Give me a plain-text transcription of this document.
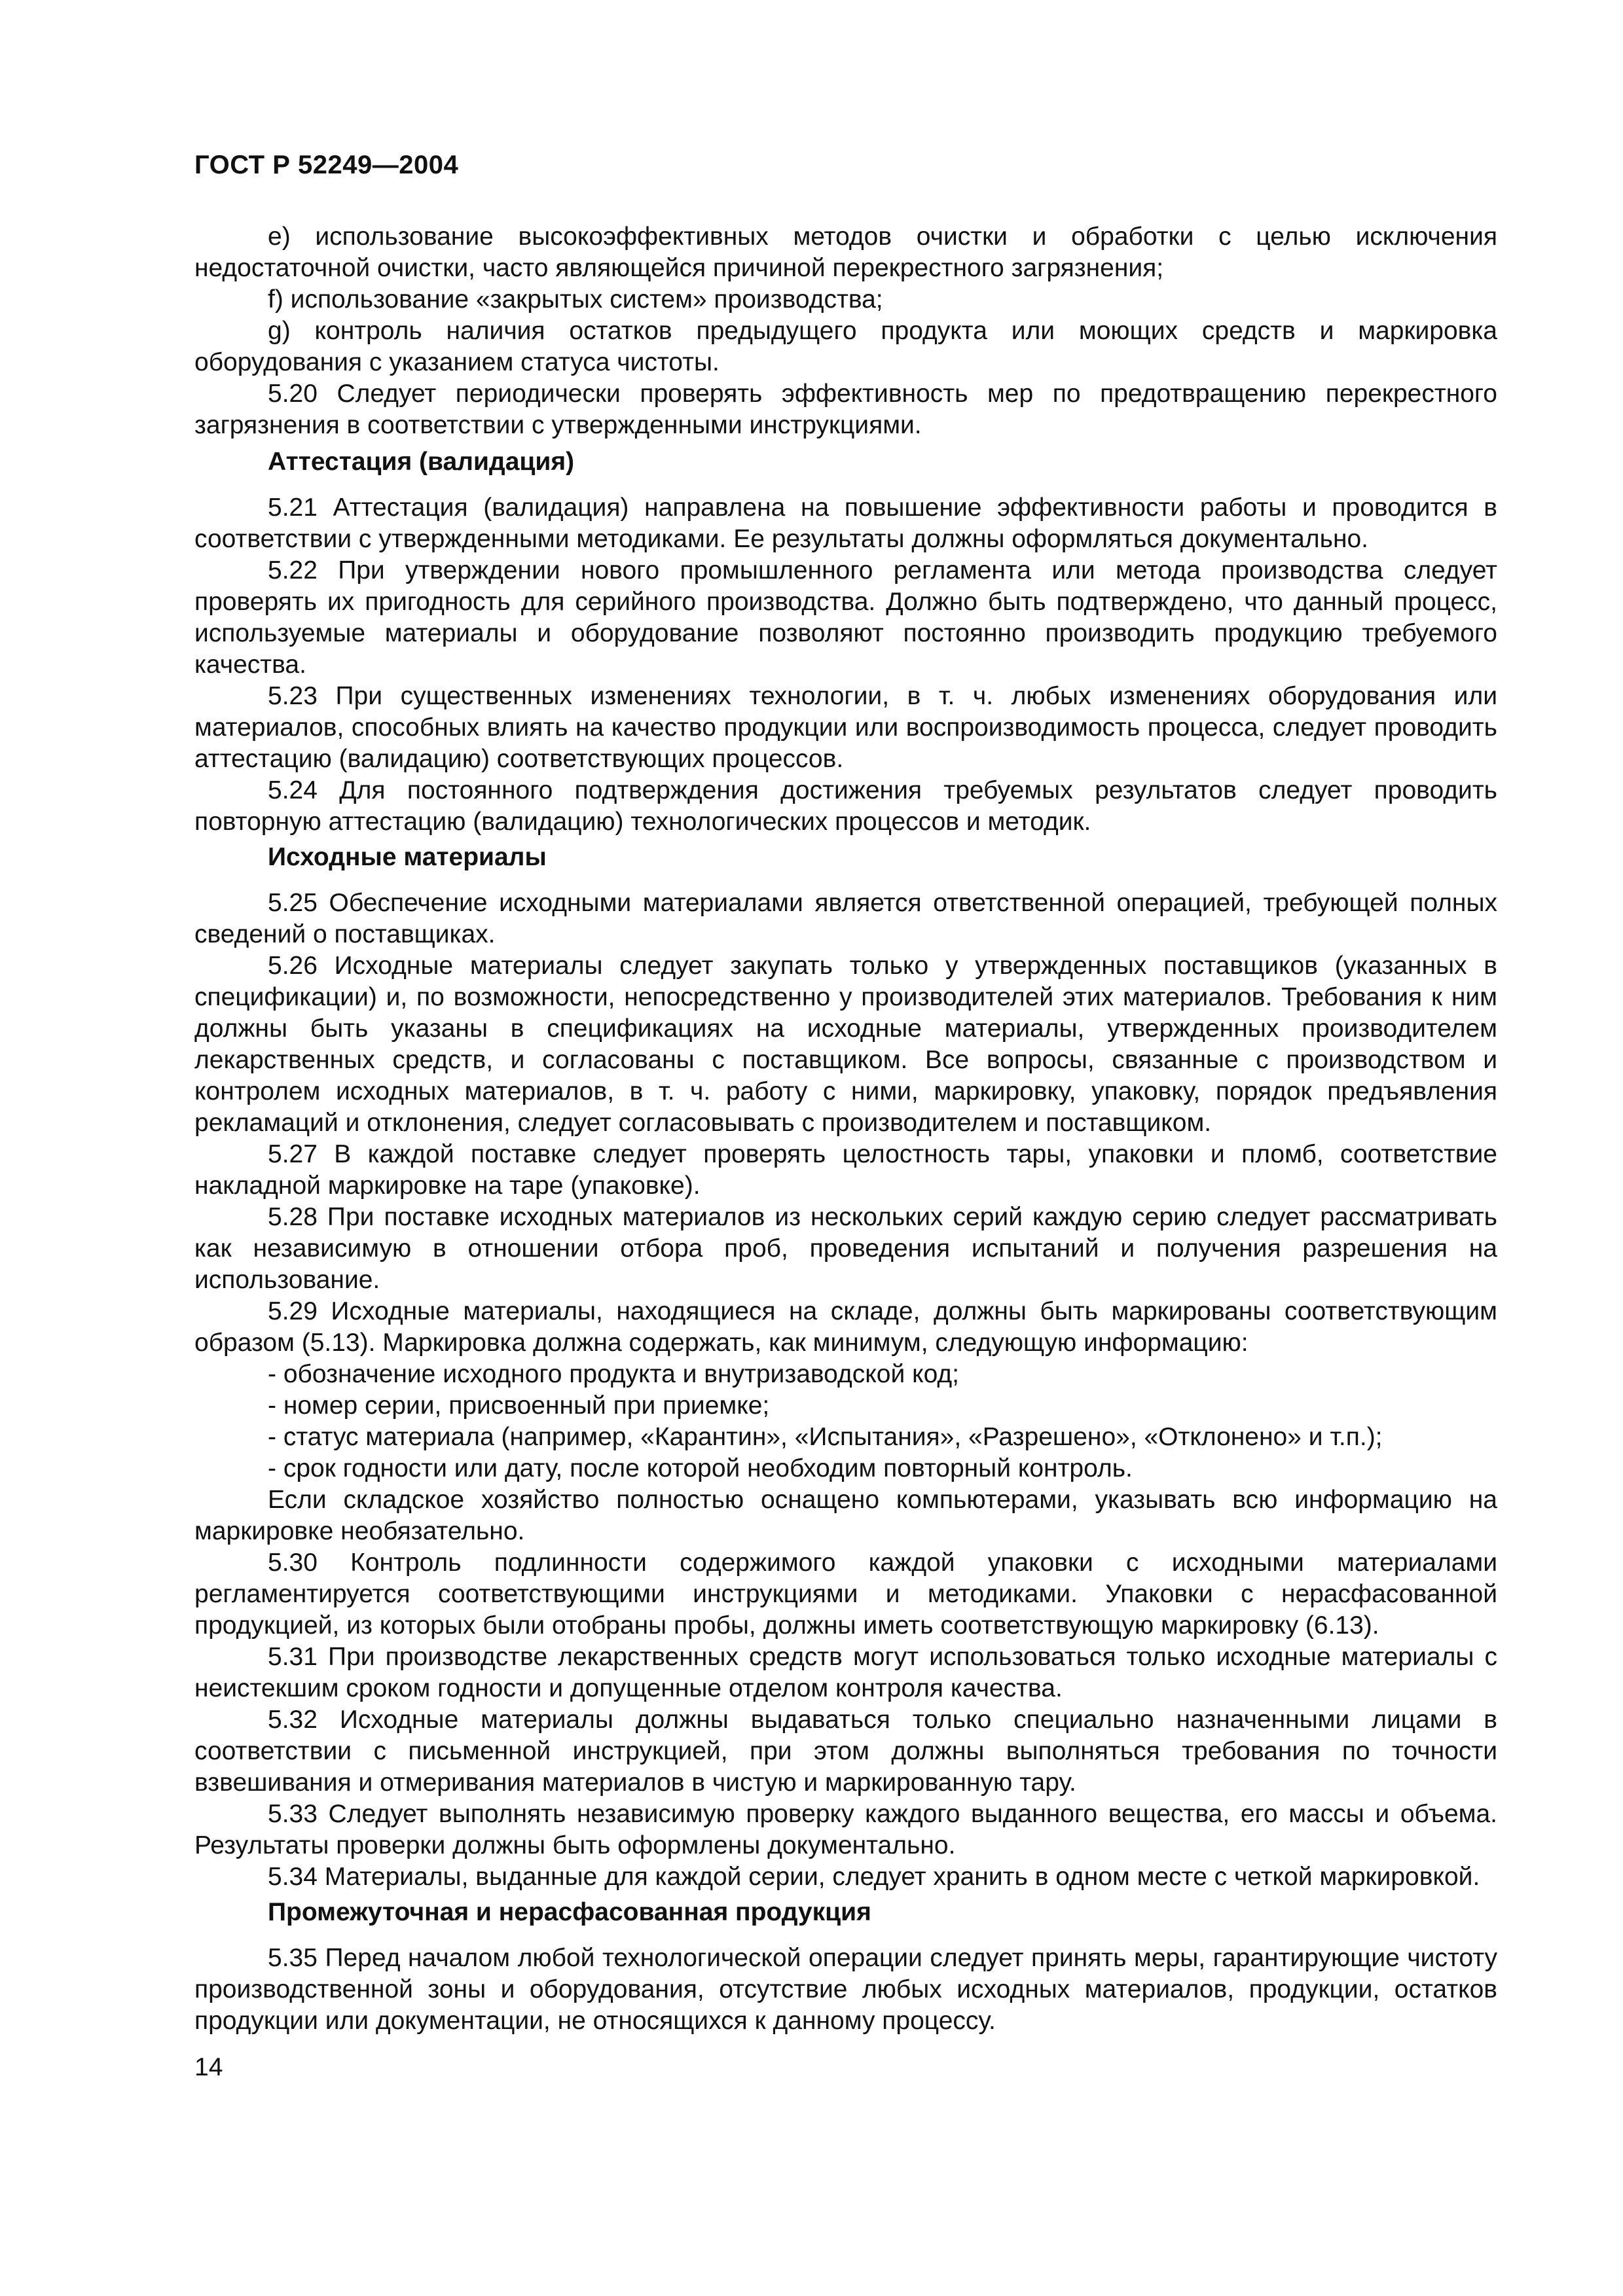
ГОСТ Р 52249—2004

е) использование высокоэффективных методов очистки и обработки с целью исключения недостаточной очистки, часто являющейся причиной перекрестного загрязнения;

f) использование «закрытых систем» производства;

g) контроль наличия остатков предыдущего продукта или моющих средств и маркировка оборудования с указанием статуса чистоты.

5.20 Следует периодически проверять эффективность мер по предотвращению перекрестного загрязнения в соответствии с утвержденными инструкциями.

Аттестация (валидация)

5.21 Аттестация (валидация) направлена на повышение эффективности работы и проводится в соответствии с утвержденными методиками. Ее результаты должны оформляться документально.

5.22 При утверждении нового промышленного регламента или метода производства следует проверять их пригодность для серийного производства. Должно быть подтверждено, что данный процесс, используемые материалы и оборудование позволяют постоянно производить продукцию требуемого качества.

5.23 При существенных изменениях технологии, в т. ч. любых изменениях оборудования или материалов, способных влиять на качество продукции или воспроизводимость процесса, следует проводить аттестацию (валидацию) соответствующих процессов.

5.24 Для постоянного подтверждения достижения требуемых результатов следует проводить повторную аттестацию (валидацию) технологических процессов и методик.

Исходные материалы

5.25 Обеспечение исходными материалами является ответственной операцией, требующей полных сведений о поставщиках.

5.26 Исходные материалы следует закупать только у утвержденных поставщиков (указанных в спецификации) и, по возможности, непосредственно у производителей этих материалов. Требования к ним должны быть указаны в спецификациях на исходные материалы, утвержденных производителем лекарственных средств, и согласованы с поставщиком. Все вопросы, связанные с производством и контролем исходных материалов, в т. ч. работу с ними, маркировку, упаковку, порядок предъявления рекламаций и отклонения, следует согласовывать с производителем и поставщиком.

5.27 В каждой поставке следует проверять целостность тары, упаковки и пломб, соответствие накладной маркировке на таре (упаковке).

5.28 При поставке исходных материалов из нескольких серий каждую серию следует рассматривать как независимую в отношении отбора проб, проведения испытаний и получения разрешения на использование.

5.29 Исходные материалы, находящиеся на складе, должны быть маркированы соответствующим образом (5.13). Маркировка должна содержать, как минимум, следующую информацию:

- обозначение исходного продукта и внутризаводской код;

- номер серии, присвоенный при приемке;

- статус материала (например, «Карантин», «Испытания», «Разрешено», «Отклонено» и т.п.);

- срок годности или дату, после которой необходим повторный контроль.

Если складское хозяйство полностью оснащено компьютерами, указывать всю информацию на маркировке необязательно.

5.30 Контроль подлинности содержимого каждой упаковки с исходными материалами регламентируется соответствующими инструкциями и методиками. Упаковки с нерасфасованной продукцией, из которых были отобраны пробы, должны иметь соответствующую маркировку (6.13).

5.31 При производстве лекарственных средств могут использоваться только исходные материалы с неистекшим сроком годности и допущенные отделом контроля качества.

5.32 Исходные материалы должны выдаваться только специально назначенными лицами в соответствии с письменной инструкцией, при этом должны выполняться требования по точности взвешивания и отмеривания материалов в чистую и маркированную тару.

5.33 Следует выполнять независимую проверку каждого выданного вещества, его массы и объема. Результаты проверки должны быть оформлены документально.

5.34 Материалы, выданные для каждой серии, следует хранить в одном месте с четкой маркировкой.

Промежуточная и нерасфасованная продукция

5.35 Перед началом любой технологической операции следует принять меры, гарантирующие чистоту производственной зоны и оборудования, отсутствие любых исходных материалов, продукции, остатков продукции или документации, не относящихся к данному процессу.

14
